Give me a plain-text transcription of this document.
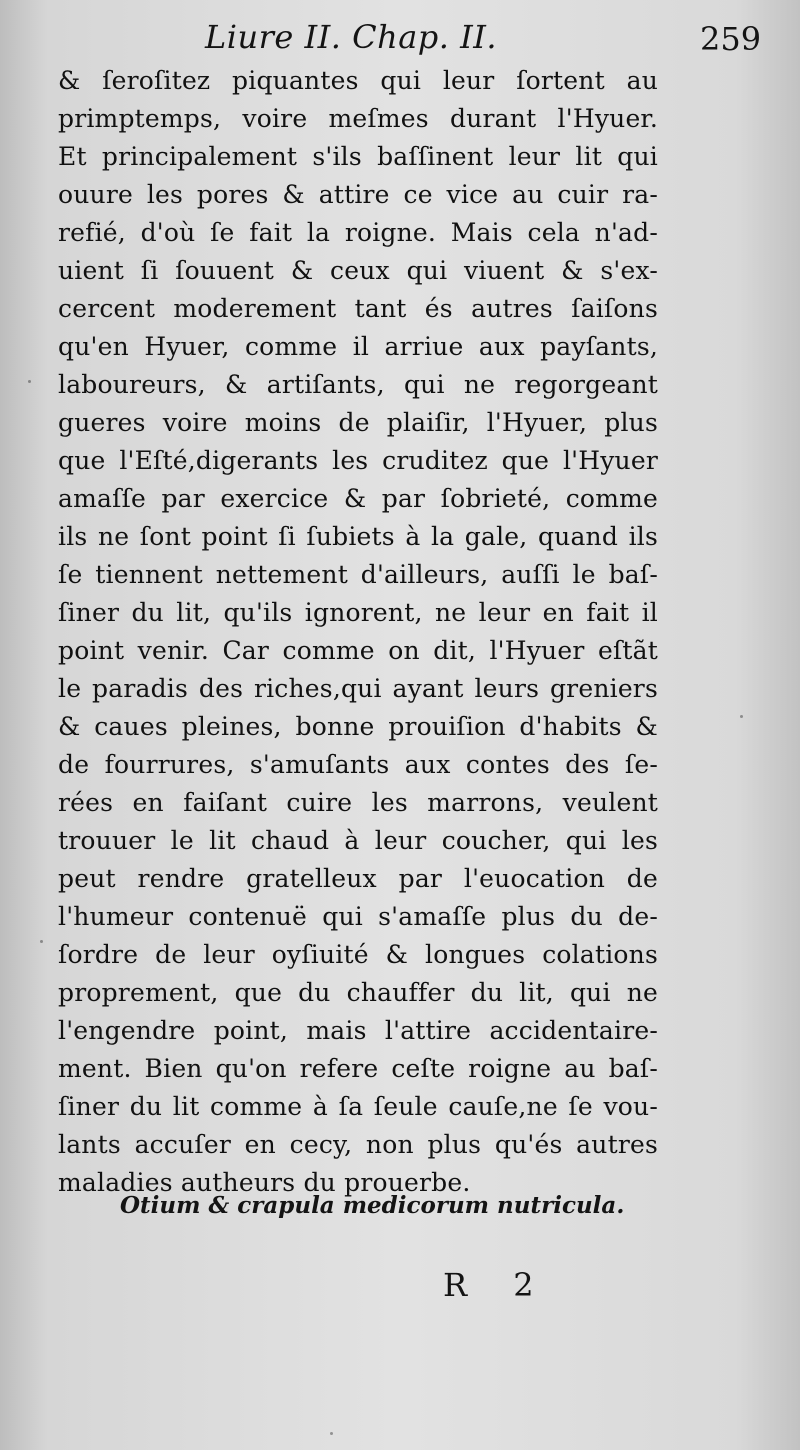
Liure II. Chap. II.	259
& ſeroſitez piquantes qui leur ſortent au
primptemps, voire meſmes durant l'Hyuer.
Et principalement s'ils baſſinent leur lit qui
ouure les pores & attire ce vice au cuir ra-
refié, d'où ſe fait la roigne. Mais cela n'ad-
uient ſi ſouuent & ceux qui viuent & s'ex-
cercent moderement tant és autres ſaiſons
qu'en Hyuer, comme il arriue aux payſants,
laboureurs, & artiſants, qui ne regorgeant
gueres voire moins de plaiſir, l'Hyuer, plus
que l'Eſté,digerants les cruditez que l'Hyuer
amaſſe par exercice & par ſobrieté, comme
ils ne ſont point ſi ſubiets à la gale, quand ils
ſe tiennent nettement d'ailleurs, auſſi le baſ-
ſiner du lit, qu'ils ignorent, ne leur en fait il
point venir. Car comme on dit, l'Hyuer eſtãt
le paradis des riches,qui ayant leurs greniers
& caues pleines, bonne prouiſion d'habits &
de fourrures, s'amuſants aux contes des ſe-
rées en faiſant cuire les marrons, veulent
trouuer le lit chaud à leur coucher, qui les
peut rendre gratelleux par l'euocation de
l'humeur contenuë qui s'amaſſe plus du de-
ſordre de leur oyſiuité & longues colations
proprement, que du chauffer du lit, qui ne
l'engendre point, mais l'attire accidentaire-
ment. Bien qu'on refere ceſte roigne au baſ-
ſiner du lit comme à ſa ſeule cauſe,ne ſe vou-
lants accuſer en cecy, non plus qu'és autres
maladies autheurs du prouerbe.
Otium & crapula medicorum nutricula.
R 2
